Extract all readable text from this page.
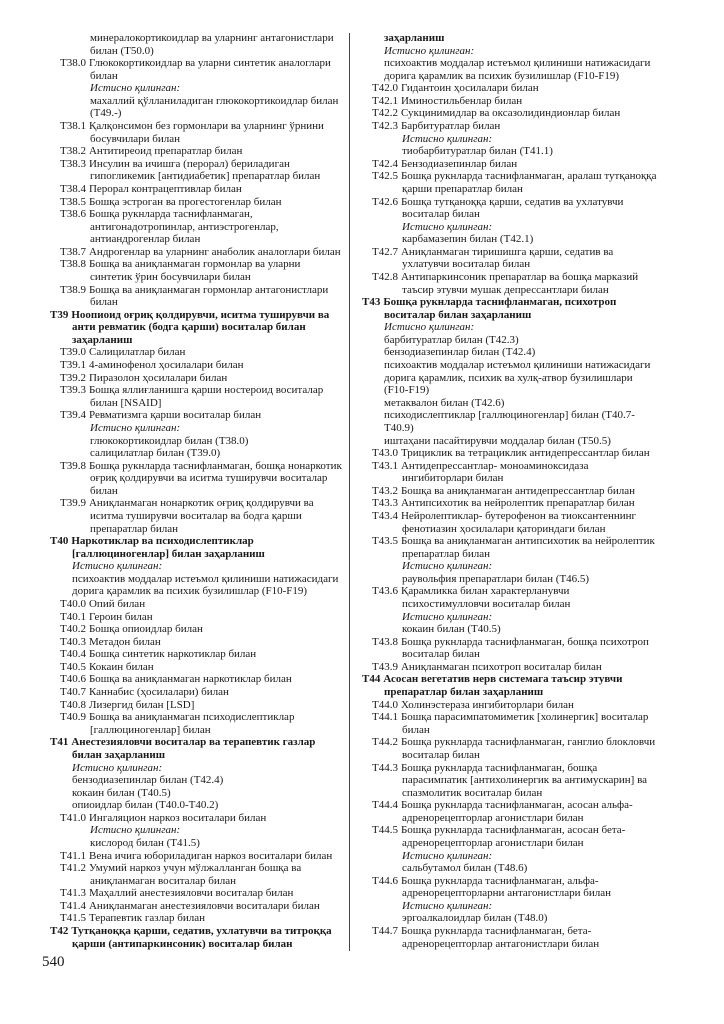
минералокортикоидлар ва уларнинг антагонистлари
билан (T50.0)
T38.0 Глюкокортикоидлар ва уларни синтетик аналоглари
билан
Истисно қилинган:
махаллий қўлланиладиган глюкокортикоидлар билан
(T49.-)
T38.1 Қалқонсимон без гормонлари ва уларнинг ўрнини
босувчилари билан
T38.2 Антитиреоид препаратлар билан
T38.3 Инсулин ва ичишга (перорал) бериладиган
гипогликемик [антидиабетик] препаратлар билан
T38.4 Перорал контрацептивлар билан
T38.5 Бошқа эстроган ва прогестогенлар билан
T38.6 Бошқа рукнларда таснифланмаган,
антигонадотропинлар, антиэстрогенлар,
антиандрогенлар билан
T38.7 Андрогенлар ва уларнинг анаболик аналоглари билан
T38.8 Бошқа ва аниқланмаган гормонлар ва уларни
синтетик ўрин босувчилари билан
T38.9 Бошқа ва аниқланмаган гормонлар антагонистлари
билан
T39 Ноопиоид оғриқ қолдирувчи, иситма туширувчи ва
анти ревматик (бодга қарши) воситалар билан
заҳарланиш
T39.0 Салицилатлар билан
T39.1 4-аминофенол ҳосилалари билан
T39.2 Пиразолон ҳосилалари билан
T39.3 Бошқа яллиғланишга қарши ностероид воситалар
билан [NSAID]
T39.4 Ревматизмга қарши воситалар билан
Истисно қилинган:
глюкокортикоидлар билан (T38.0)
салицилатлар билан (T39.0)
T39.8 Бошқа рукнларда таснифланмаган, бошқа нонаркотик
оғриқ қолдирувчи ва иситма туширувчи воситалар
билан
T39.9 Аниқланмаган нонаркотик оғриқ қолдирувчи ва
иситма туширувчи воситалар ва бодга қарши
препаратлар билан
T40 Наркотиклар ва психодислептиклар
[галлюциногенлар] билан заҳарланиш
Истисно қилинган:
психоактив моддалар истеъмол қилиниши натижасидаги
дорига қарамлик ва психик бузилишлар (F10-F19)
T40.0 Опий билан
T40.1 Героин билан
T40.2 Бошқа опиоидлар билан
T40.3 Метадон билан
T40.4 Бошқа синтетик наркотиклар билан
T40.5 Кокаин билан
T40.6 Бошқа ва аниқланмаган наркотиклар билан
T40.7 Каннабис (ҳосилалари) билан
T40.8 Лизергид билан [LSD]
T40.9 Бошқа ва аниқланмаган психодислептиклар
[галлюциногенлар] билан
T41 Анестезияловчи воситалар ва терапевтик газлар
билан заҳарланиш
Истисно қилинган:
бензодиазепинлар билан (T42.4)
кокаин билан (T40.5)
опиоидлар билан (T40.0-T40.2)
T41.0 Ингаляцион наркоз воситалари билан
Истисно қилинган:
кислород билан (T41.5)
T41.1 Вена ичига юбориладиган наркоз воситалари билан
T41.2 Умумий наркоз учун мўлжалланган бошқа ва
аниқланмаган воситалар билан
T41.3 Маҳаллий анестезияловчи воситалар билан
T41.4 Аниқланмаган анестезияловчи воситалари билан
T41.5 Терапевтик газлар билан
T42 Тутқаноққа қарши, седатив, ухлатувчи ва титроққа
қарши (антипаркинсоник) воситалар билан
заҳарланиш
Истисно қилинган:
психоактив моддалар истеъмол қилиниши натижасидаги
дорига қарамлик ва психик бузилишлар (F10-F19)
T42.0 Гидантоин ҳосилалари билан
T42.1 Иминостильбенлар билан
T42.2 Сукцинимидлар ва оксазолидиндионлар билан
T42.3 Барбитуратлар билан
Истисно қилинган:
тиобарбитуратлар билан (T41.1)
T42.4 Бензодиазепинлар билан
T42.5 Бошқа рукнларда таснифланмаган, аралаш тутқаноққа
қарши препаратлар билан
T42.6 Бошқа тутқаноққа қарши, седатив ва ухлатувчи
воситалар билан
Истисно қилинган:
карбамазепин билан (T42.1)
T42.7 Аниқланмаган тиришишга қарши, седатив ва
ухлатувчи воситалар билан
T42.8 Антипаркинсоник препаратлар ва бошқа марказий
таъсир этувчи мушак депрессантлари билан
T43 Бошқа рукнларда таснифланмаган, психотроп
воситалар билан заҳарланиш
Истисно қилинган:
барбитуратлар билан (T42.3)
бензодиазепинлар билан (T42.4)
психоактив моддалар истеъмол қилиниши натижасидаги
дорига қарамлик, психик ва хулқ-атвор бузилишлари
(F10-F19)
метаквалон билан (T42.6)
психодислептиклар [галлюциногенлар] билан (T40.7-
T40.9)
иштаҳани пасайтирувчи моддалар билан (T50.5)
T43.0 Трициклик ва тетрациклик антидепрессантлар билан
T43.1 Антидепрессантлар- моноаминоксидаза
ингибиторлари билан
T43.2 Бошқа ва аниқланмаган антидепрессантлар билан
T43.3 Антипсихотик ва нейролептик препаратлар билан
T43.4 Нейролептиклар- бутерофенон ва тиоксантеннинг
фенотиазин ҳосилалари қаториндаги билан
T43.5 Бошқа ва аниқланмаган антипсихотик ва нейролептик
препаратлар билан
Истисно қилинган:
раувольфия препаратлари билан (T46.5)
T43.6 Қарамликка билан характерланувчи
психостимулловчи воситалар билан
Истисно қилинган:
кокаин билан (T40.5)
T43.8 Бошқа рукнларда таснифланмаган, бошқа психотроп
воситалар билан
T43.9 Аниқланмаган психотроп воситалар билан
T44 Асосан вегетатив нерв системага таъсир этувчи
препаратлар билан заҳарланиш
T44.0 Холинэстераза ингибиторлари билан
T44.1 Бошқа парасимпатомиметик [холинергик] воситалар
билан
T44.2 Бошқа рукнларда таснифланмаган, ганглио блокловчи
воситалар билан
T44.3 Бошқа рукнларда таснифланмаган, бошқа
парасимпатик [антихолинергик ва антимускарин] ва
спазмолитик воситалар билан
T44.4 Бошқа рукнларда таснифланмаган, асосан альфа-
адренорецепторлар агонистлари билан
T44.5 Бошқа рукнларда таснифланмаган, асосан бета-
адренорецепторлар агонистлари билан
Истисно қилинган:
сальбутамол билан (T48.6)
T44.6 Бошқа рукнларда таснифланмаган, альфа-
адренорецепторларни антагонистлари билан
Истисно қилинган:
эргоалкалоидлар билан (T48.0)
T44.7 Бошқа рукнларда таснифланмаган, бета-
адренорецепторлар антагонистлари билан
540
